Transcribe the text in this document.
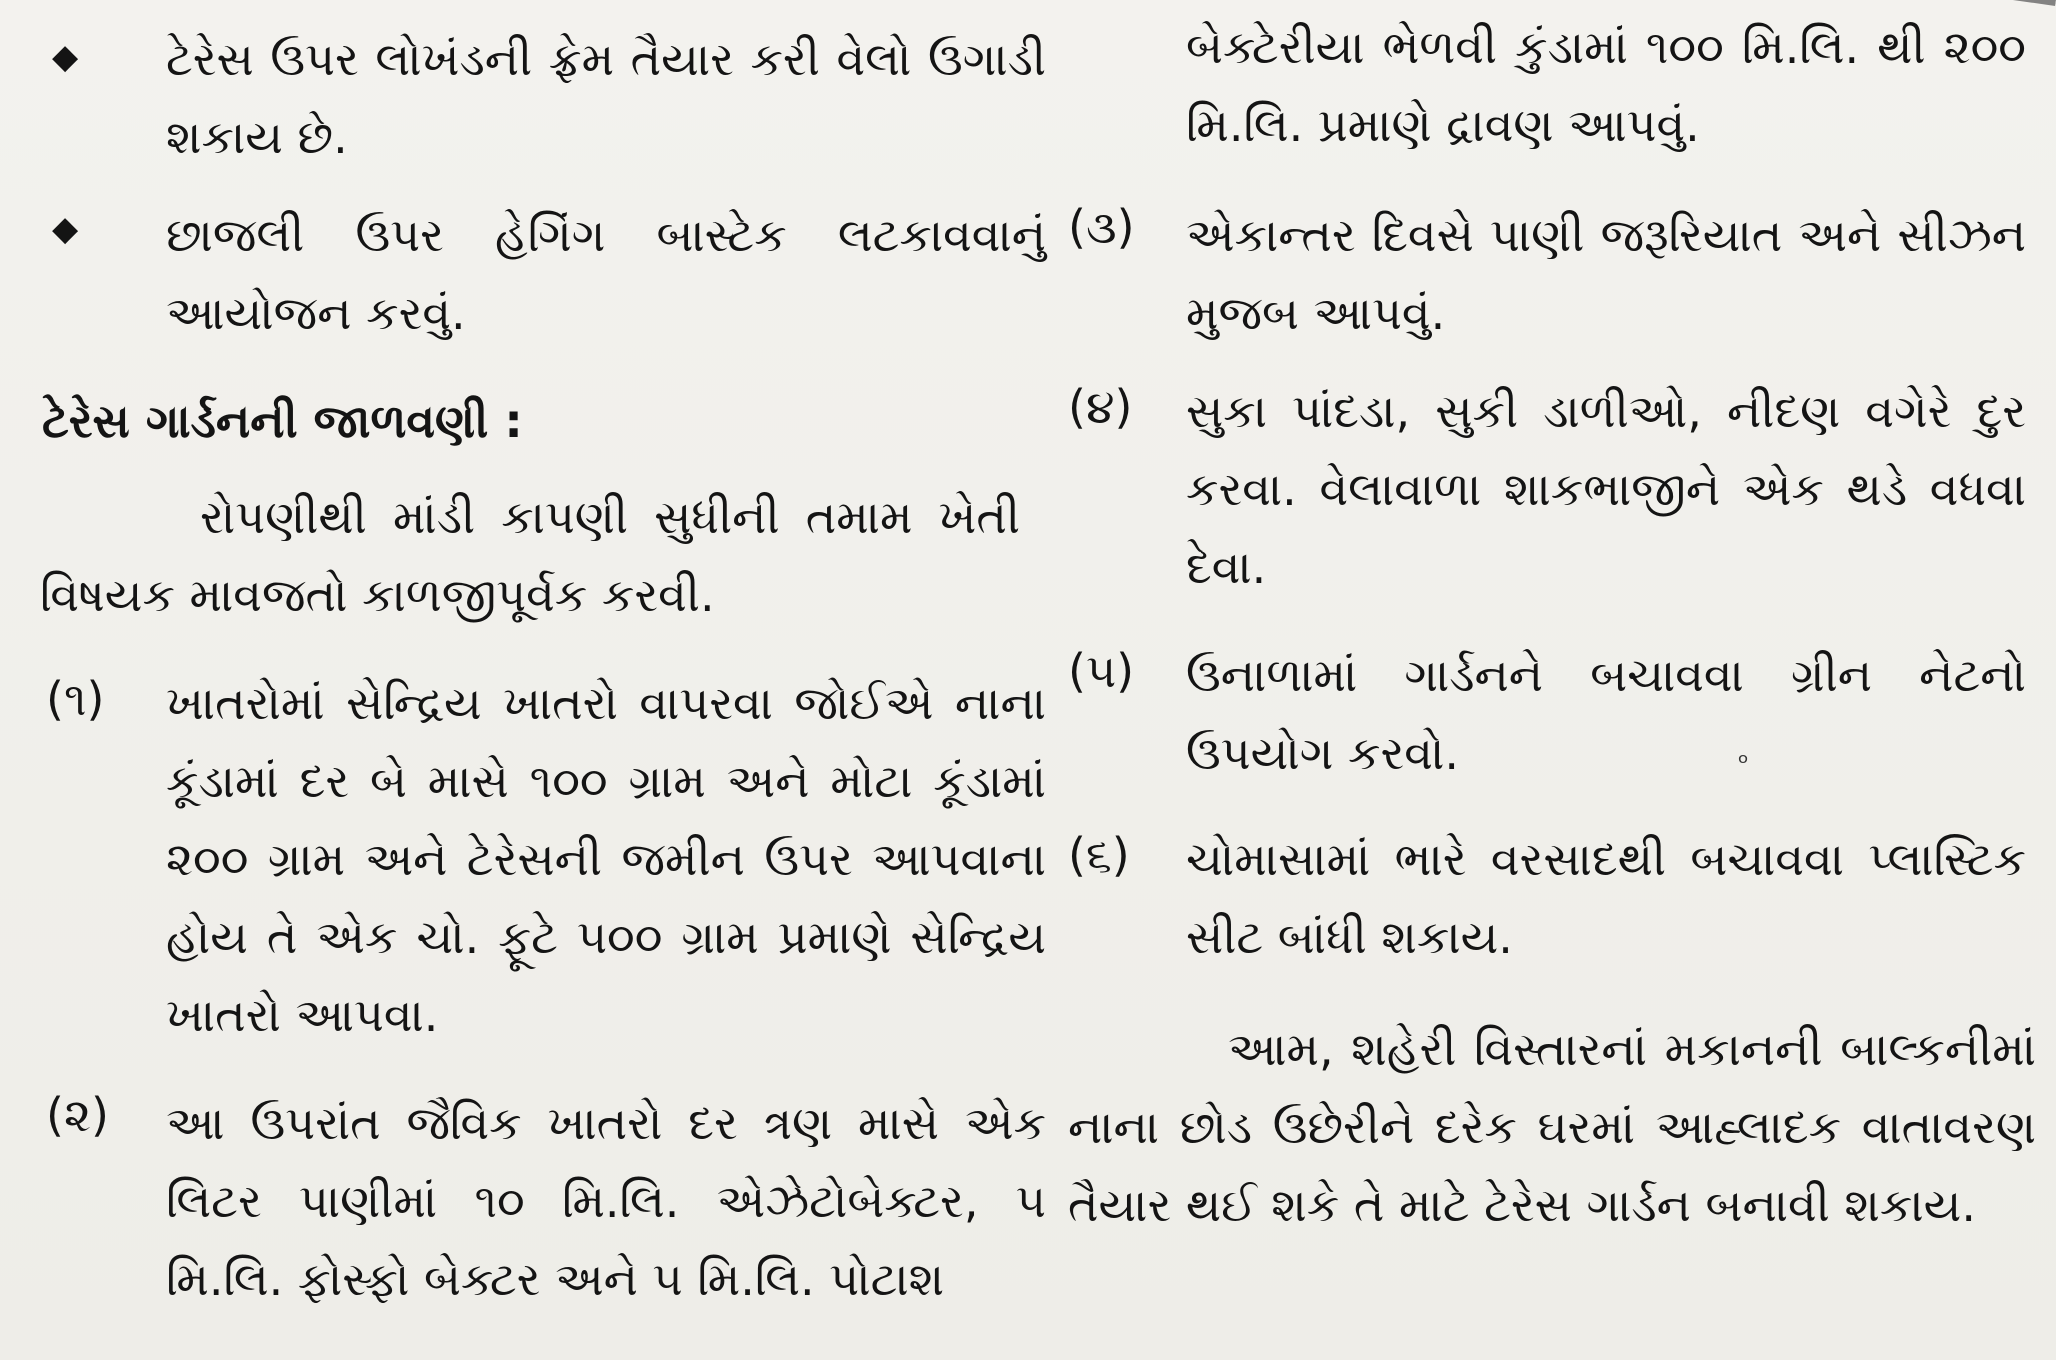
◆ ટેરેસ ઉપર લોખંડની ફ્રેમ તૈયાર કરી વેલો ઉગાડી શકાય છે.
◆ છાજલી ઉપર હેગિંગ બાસ્ટેક લટકાવવાનું આયોજન કરવું.
ટેરેસ ગાર્ડનની જાળવણી :
રોપણીથી માંડી કાપણી સુધીની તમામ ખેતી વિષયક માવજતો કાળજીપૂર્વક કરવી.
(૧) ખાતરોમાં સેન્દ્રિય ખાતરો વાપરવા જોઈએ નાના કૂંડામાં દર બે માસે ૧૦૦ ગ્રામ અને મોટા કૂંડામાં ૨૦૦ ગ્રામ અને ટેરેસની જમીન ઉપર આપવાના હોય તે એક ચો. ફૂટે ૫૦૦ ગ્રામ પ્રમાણે સેન્દ્રિય ખાતરો આપવા.
(૨) આ ઉપરાંત જૈવિક ખાતરો દર ત્રણ માસે એક લિટર પાણીમાં ૧૦ મિ.લિ. એઝેટોબેક્ટર, ૫ મિ.લિ. ફોસ્ફો બેક્ટર અને ૫ મિ.લિ. પોટાશ
બેક્ટેરીયા ભેળવી કુંડામાં ૧૦૦ મિ.લિ. થી ૨૦૦ મિ.લિ. પ્રમાણે દ્રાવણ આપવું.
(૩) એકાન્તર દિવસે પાણી જરૂરિયાત અને સીઝન મુજબ આપવું.
(૪) સુકા પાંદડા, સુકી ડાળીઓ, નીદણ વગેરે દુર કરવા. વેલાવાળા શાકભાજીને એક થડે વધવા દેવા.
(૫) ઉનાળામાં ગાર્ડનને બચાવવા ગ્રીન નેટનો ઉપયોગ કરવો.	ₒ
(૬) ચોમાસામાં ભારે વરસાદથી બચાવવા પ્લાસ્ટિક સીટ બાંધી શકાય.
આમ, શહેરી વિસ્તારનાં મકાનની બાલ્કનીમાં નાના છોડ ઉછેરીને દરેક ઘરમાં આહ્લાદક વાતાવરણ તૈયાર થઈ શકે તે માટે ટેરેસ ગાર્ડન બનાવી શકાય.
